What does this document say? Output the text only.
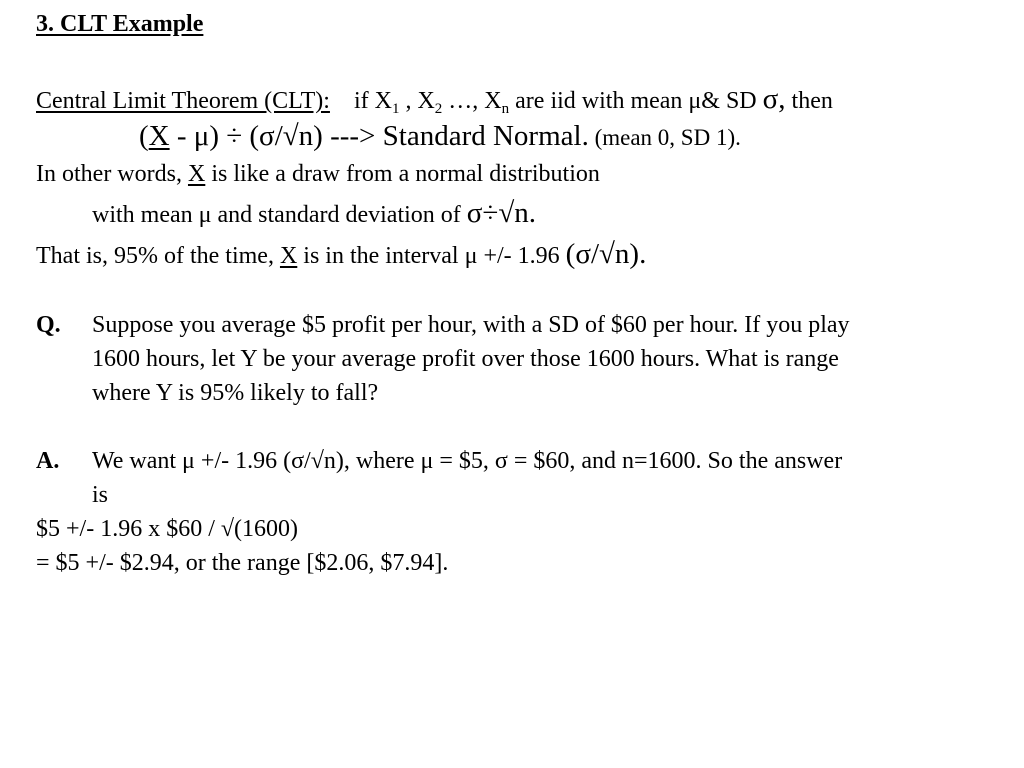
3. CLT Example
Central Limit Theorem (CLT): if $X_1$ , $X_2$ …, $X_n$ are iid with mean μ& SD σ, then
(X - μ) ÷ (σ/√n) ---> Standard Normal. (mean 0, SD 1).
In other words, X is like a draw from a normal distribution
with mean μ and standard deviation of σ÷√n.
That is, 95% of the time, X is in the interval μ +/- 1.96 (σ/√n).
Q. Suppose you average $5 profit per hour, with a SD of $60 per hour. If you play
1600 hours, let Y be your average profit over those 1600 hours. What is range
where Y is 95% likely to fall?
A. We want μ +/- 1.96 (σ/√n), where μ = $5, σ = $60, and n=1600. So the answer
is
$5 +/- 1.96 x $60 / √(1600)
= $5 +/- $2.94, or the range [$2.06, $7.94].
